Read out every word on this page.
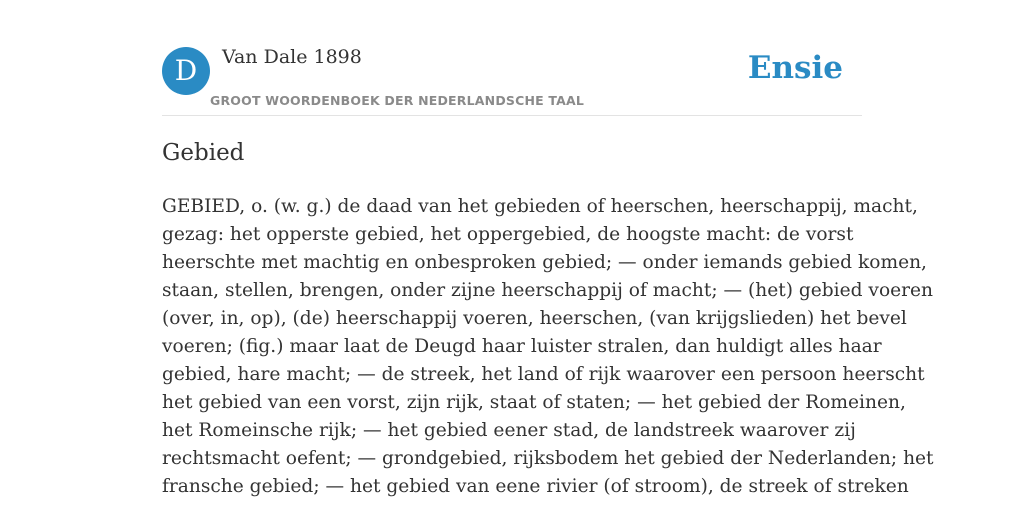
D	Van Dale 1898
GROOT WOORDENBOEK DER NEDERLANDSCHE TAAL
Ensie
Gebied
GEBIED, o. (w. g.) de daad van het gebieden of heerschen, heerschappij, macht,
gezag: het opperste gebied, het oppergebied, de hoogste macht: de vorst
heerschte met machtig en onbesproken gebied; — onder iemands gebied komen,
staan, stellen, brengen, onder zijne heerschappij of macht; — (het) gebied voeren
(over, in, op), (de) heerschappij voeren, heerschen, (van krijgslieden) het bevel
voeren; (fig.) maar laat de Deugd haar luister stralen, dan huldigt alles haar
gebied, hare macht; — de streek, het land of rijk waarover een persoon heerscht
het gebied van een vorst, zijn rijk, staat of staten; — het gebied der Romeinen,
het Romeinsche rijk; — het gebied eener stad, de landstreek waarover zij
rechtsmacht oefent; — grondgebied, rijksbodem het gebied der Nederlanden; het
fransche gebied; — het gebied van eene rivier (of stroom), de streek of streken
